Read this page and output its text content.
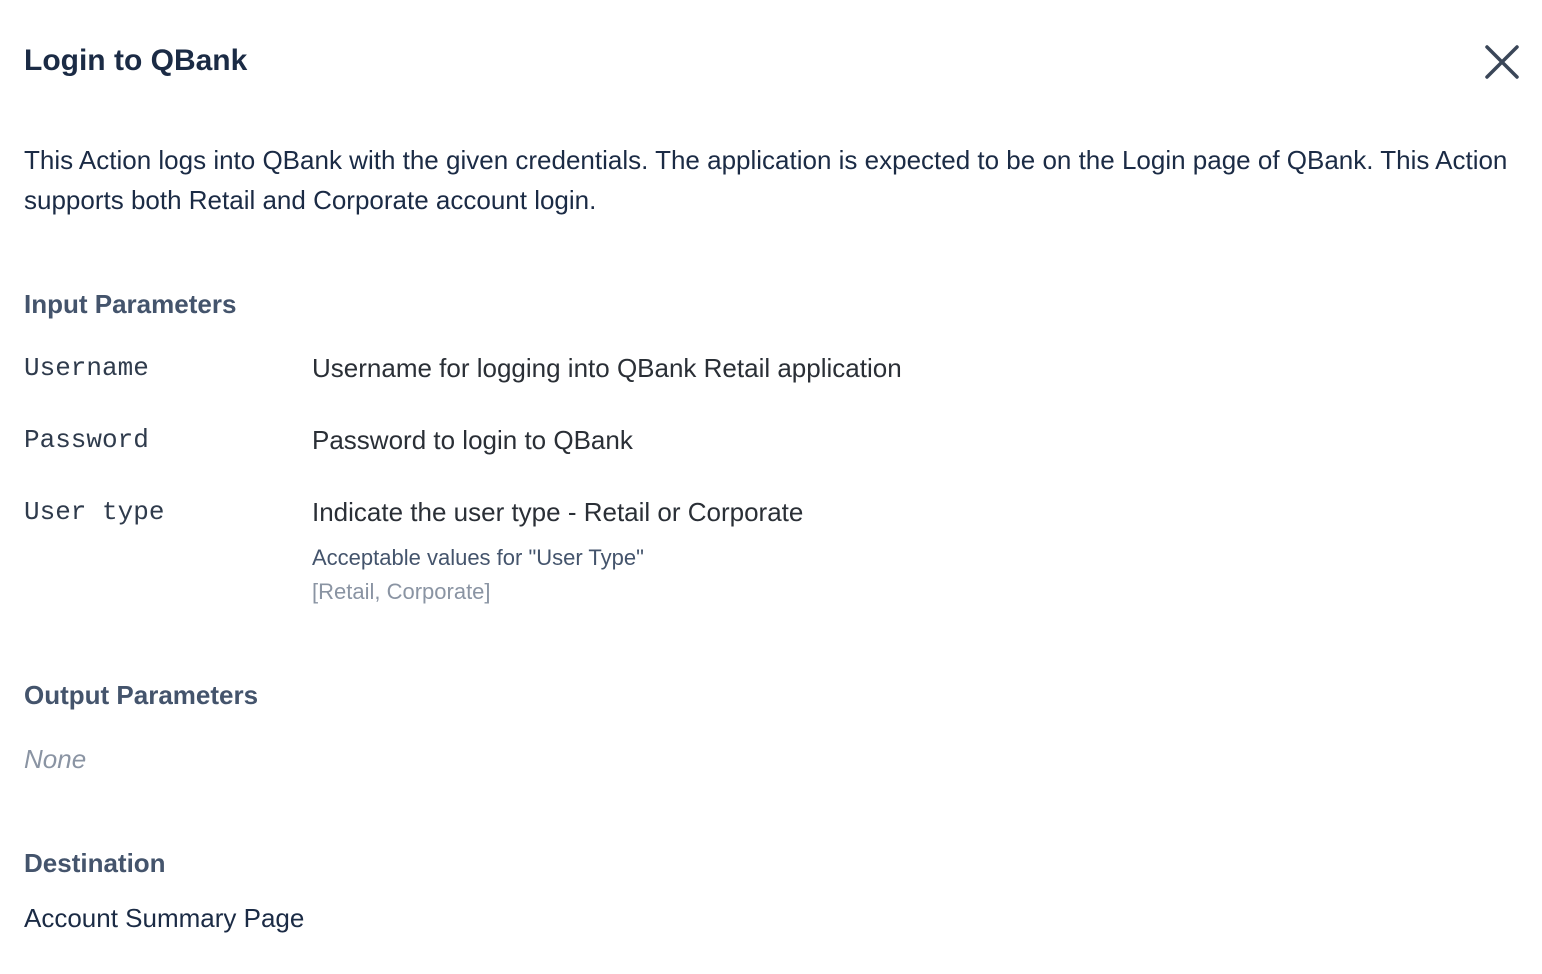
Login to QBank
This Action logs into QBank with the given credentials. The application is expected to be on the Login page of QBank. This Action supports both Retail and Corporate account login.
Input Parameters
Username	Username for logging into QBank Retail application
Password	Password to login to QBank
User type	Indicate the user type - Retail or Corporate
Acceptable values for "User Type"
[Retail, Corporate]
Output Parameters
None
Destination
Account Summary Page
